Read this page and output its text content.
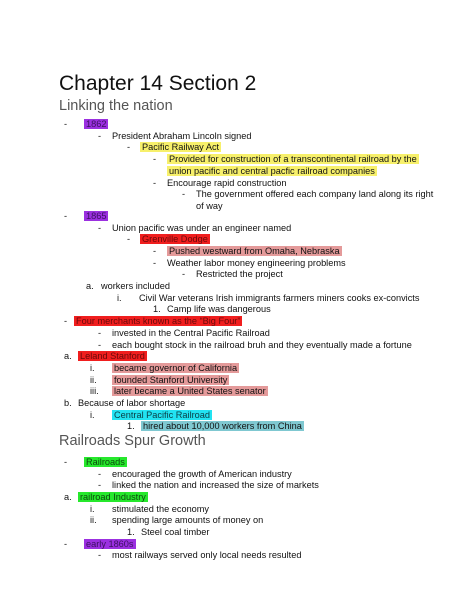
Chapter 14 Section 2
Linking the nation
Railroads Spur Growth
- 1862
- President Abraham Lincoln signed
- Pacific Railway Act
- Provided for construction of a transcontinental railroad by the
union pacific and central pacfic railroad companies
- Encourage rapid construction
- The government offered each company land along its right
of way
- 1865
- Union pacific was under an engineer named
- Grenville Dodge
- Pushed westward from Omaha, Nebraska
- Weather labor money engineering problems
- Restricted the project
a. workers included
i. Civil War veterans Irish immigrants farmers miners cooks ex-convicts
1. Camp life was dangerous
- Four merchants known as the “Big Four”
- invested in the Central Pacific Railroad
- each bought stock in the railroad bruh and they eventually made a fortune
a. Leland Stanford
i. became governor of California
ii. founded Stanford University
iii. later became a United States senator
b. Because of labor shortage
i. Central Pacific Railroad
1. hired about 10,000 workers from China
- Railroads
- encouraged the growth of American industry
- linked the nation and increased the size of markets
a. railroad Industry
i. stimulated the economy
ii. spending large amounts of money on
1. Steel coal timber
- early 1860s
- most railways served only local needs resulted
